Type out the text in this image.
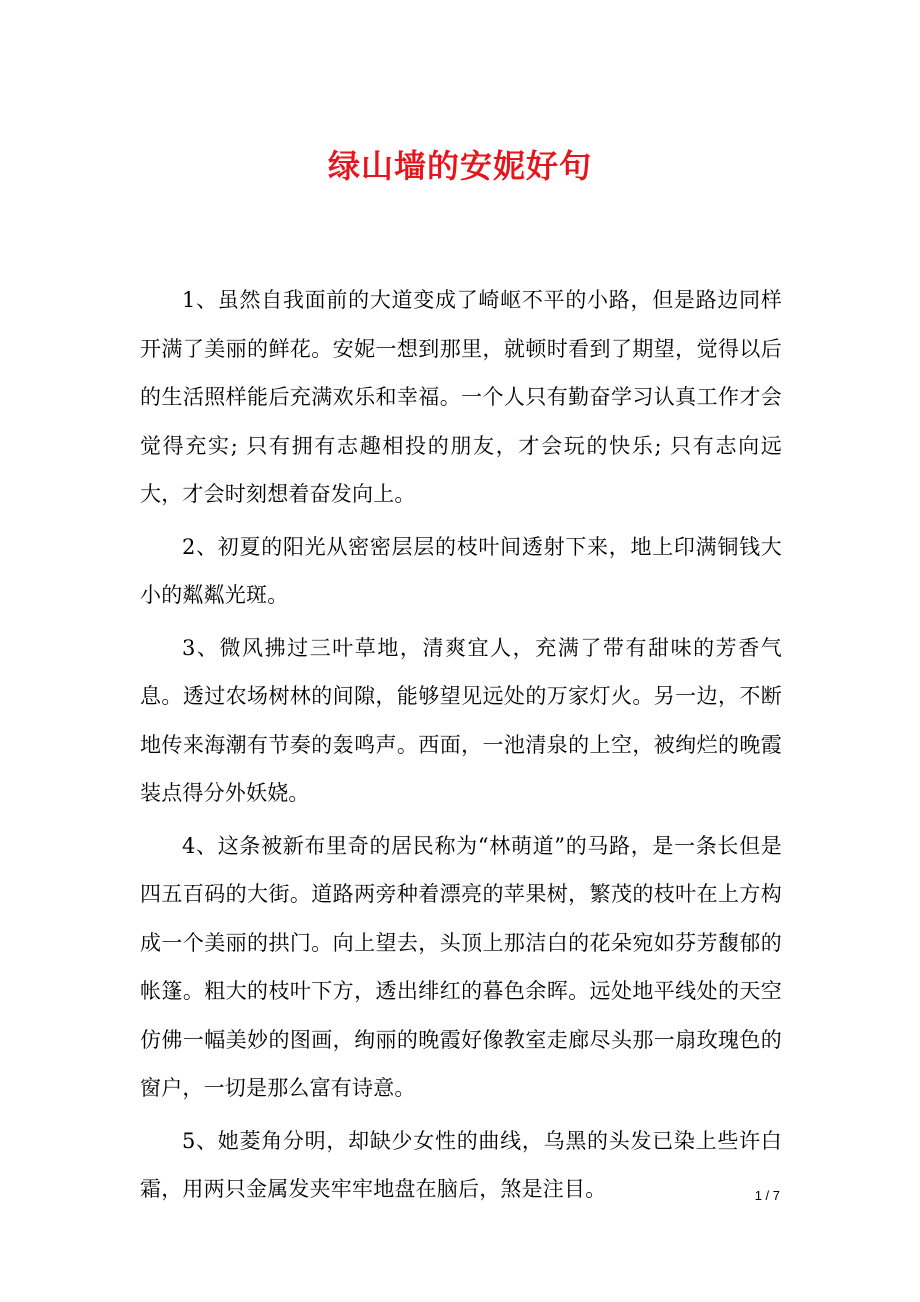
绿山墙的安妮好句

1、虽然自我面前的大道变成了崎岖不平的小路，但是路边同样开满了美丽的鲜花。安妮一想到那里，就顿时看到了期望，觉得以后的生活照样能后充满欢乐和幸福。一个人只有勤奋学习认真工作才会觉得充实; 只有拥有志趣相投的朋友，才会玩的快乐; 只有志向远大，才会时刻想着奋发向上。

2、初夏的阳光从密密层层的枝叶间透射下来，地上印满铜钱大小的粼粼光斑。

3、微风拂过三叶草地，清爽宜人，充满了带有甜味的芳香气息。透过农场树林的间隙，能够望见远处的万家灯火。另一边，不断地传来海潮有节奏的轰鸣声。西面，一池清泉的上空，被绚烂的晚霞装点得分外妖娆。

4、这条被新布里奇的居民称为“林萌道”的马路，是一条长但是四五百码的大街。道路两旁种着漂亮的苹果树，繁茂的枝叶在上方构成一个美丽的拱门。向上望去，头顶上那洁白的花朵宛如芬芳馥郁的帐篷。粗大的枝叶下方，透出绯红的暮色余晖。远处地平线处的天空仿佛一幅美妙的图画，绚丽的晚霞好像教室走廊尽头那一扇玫瑰色的窗户，一切是那么富有诗意。

5、她菱角分明，却缺少女性的曲线，乌黑的头发已染上些许白霜，用两只金属发夹牢牢地盘在脑后，煞是注目。	1 / 7
